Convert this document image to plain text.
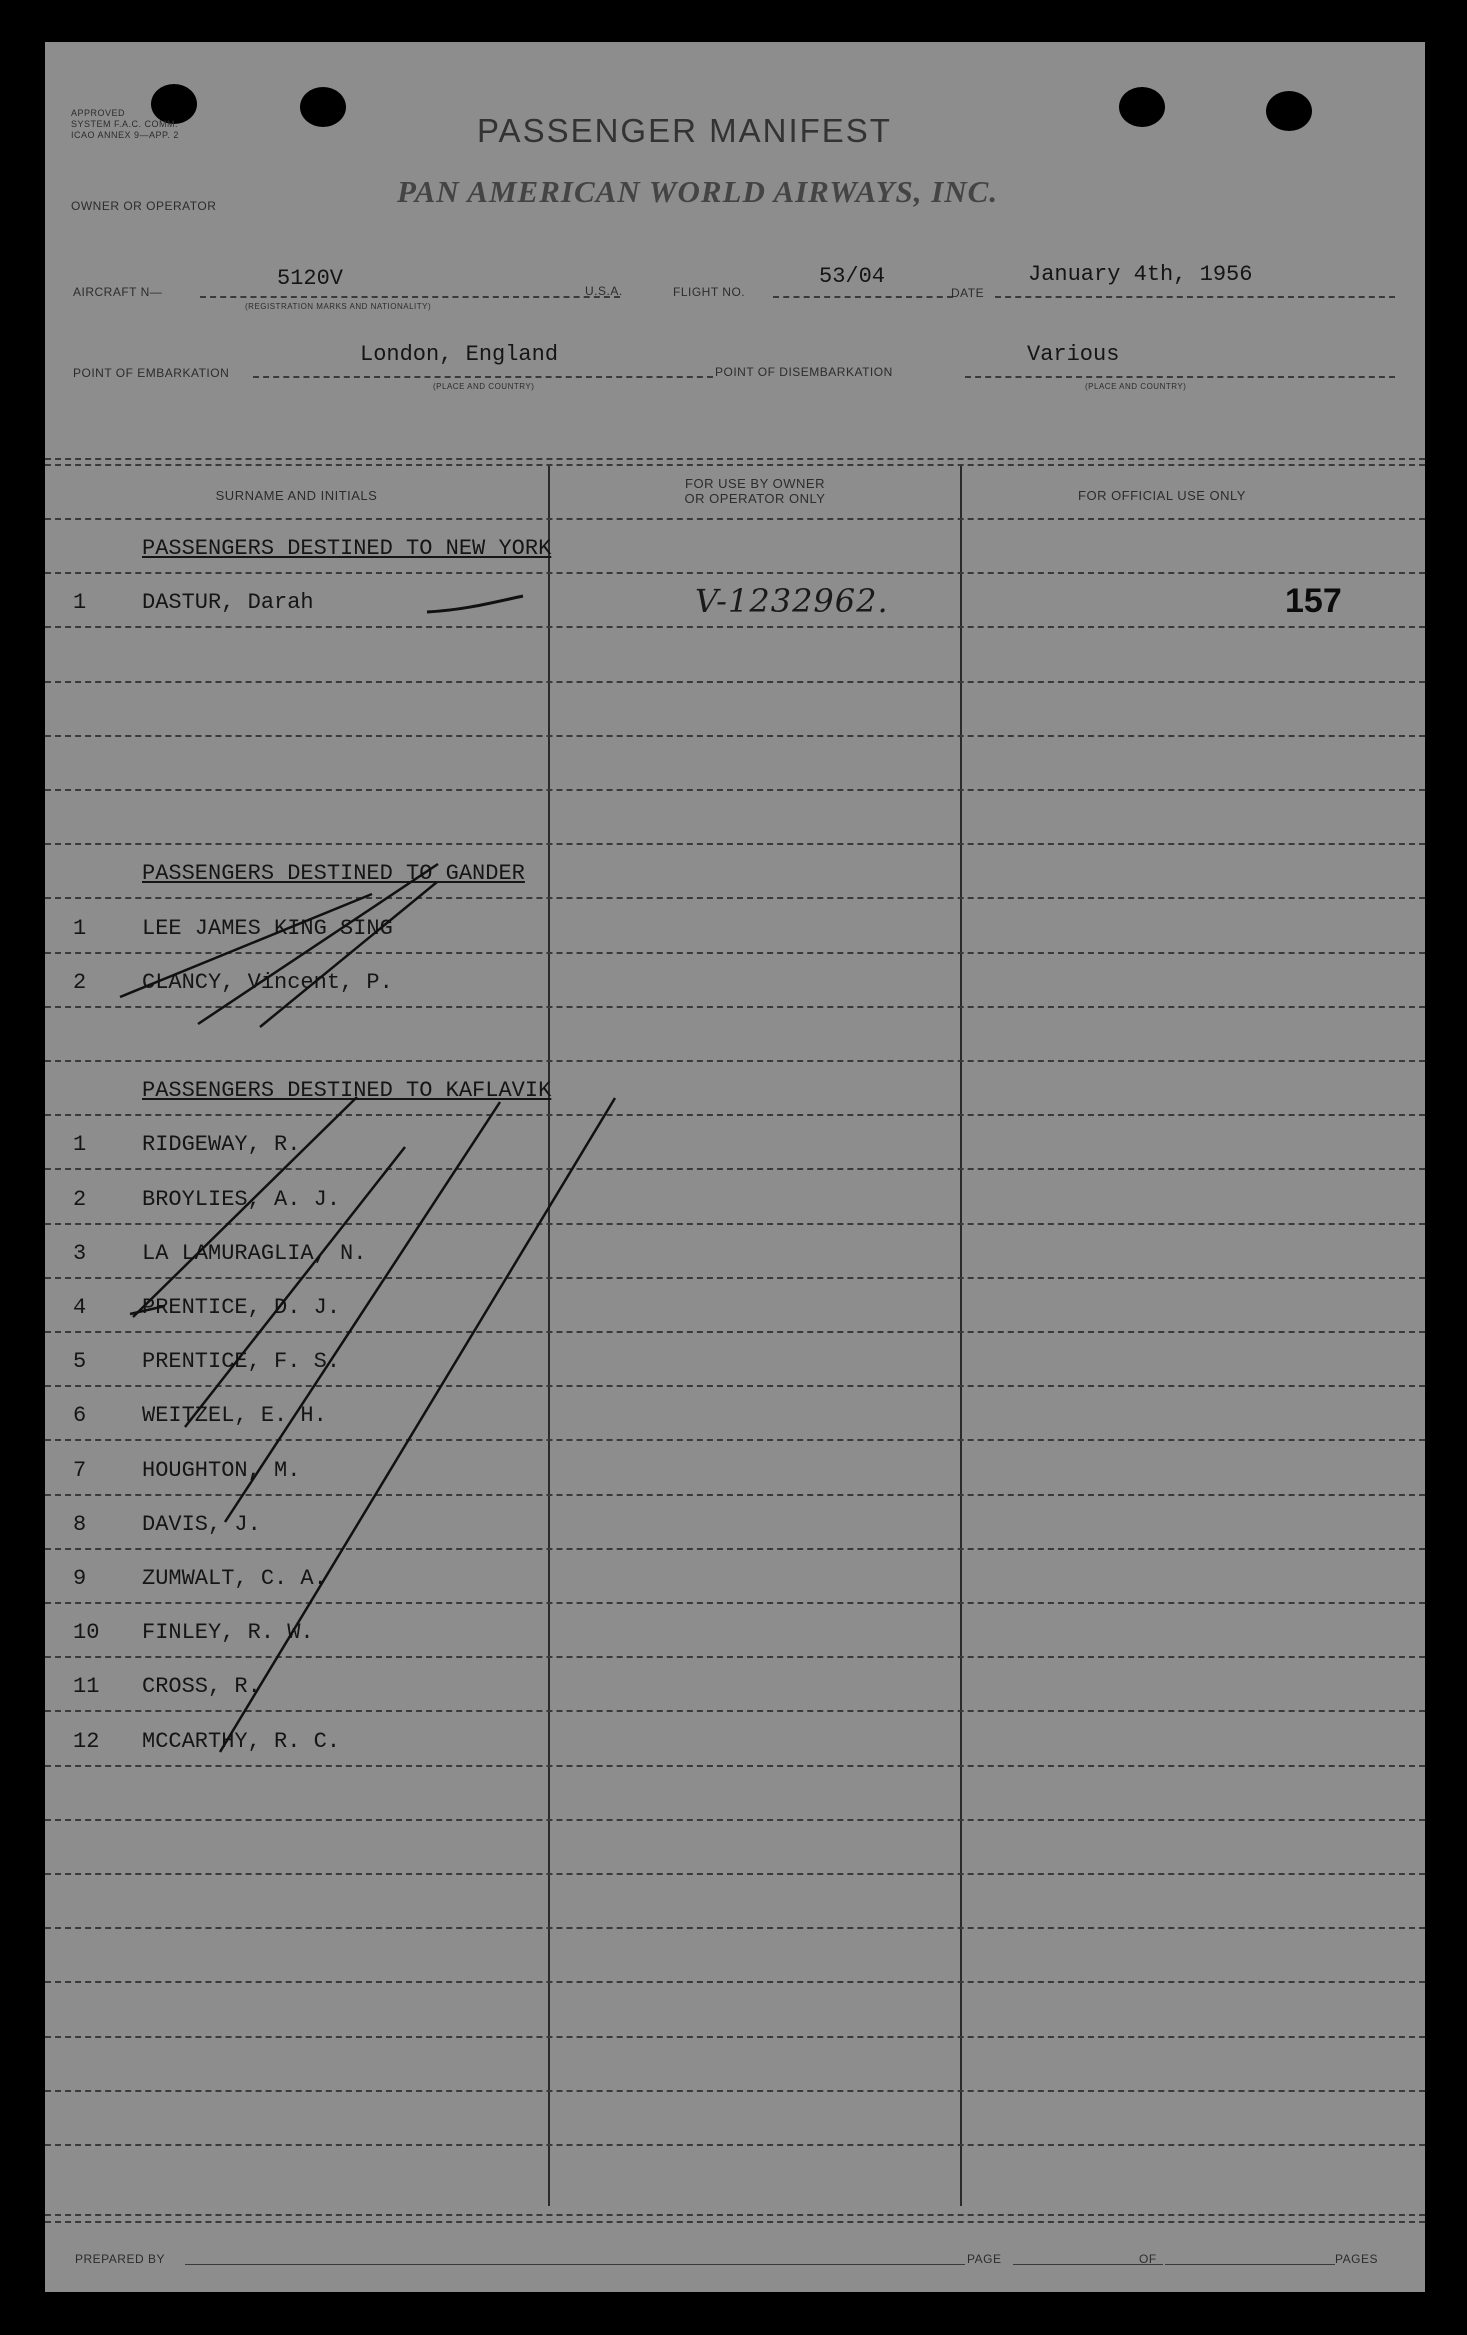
APPROVED
SYSTEM F.A.C. COMM.
ICAO ANNEX 9—APP. 2	PASSENGER MANIFEST
OWNER OR OPERATOR	PAN AMERICAN WORLD AIRWAYS, INC.
AIRCRAFT N—
5120V
(REGISTRATION MARKS AND NATIONALITY)
U.S.A.	FLIGHT NO.
53/04
DATE
January 4th, 1956
POINT OF EMBARKATION
London, England
(PLACE AND COUNTRY)
POINT OF DISEMBARKATION
Various
(PLACE AND COUNTRY)
SURNAME AND INITIALS
FOR USE BY OWNER
OR OPERATOR ONLY	FOR OFFICIAL USE ONLY
PASSENGERS DESTINED TO NEW YORK
1	DASTUR, Darah	V-1232962.	157
PASSENGERS DESTINED TO GANDER
1	LEE JAMES KING SING
2	CLANCY, Vincent, P.
PASSENGERS DESTINED TO KAFLAVIK
1	RIDGEWAY, R.
2	BROYLIES, A. J.
3	LA LAMURAGLIA, N.
4	PRENTICE, D. J.
5	PRENTICE, F. S.
6	WEITZEL, E. H.
7	HOUGHTON, M.
8	DAVIS, J.
9	ZUMWALT, C. A.
10 FINLEY, R. W.
11 CROSS, R.
12 MCCARTHY, R. C.
PREPARED BY	PAGE	OF	PAGES
